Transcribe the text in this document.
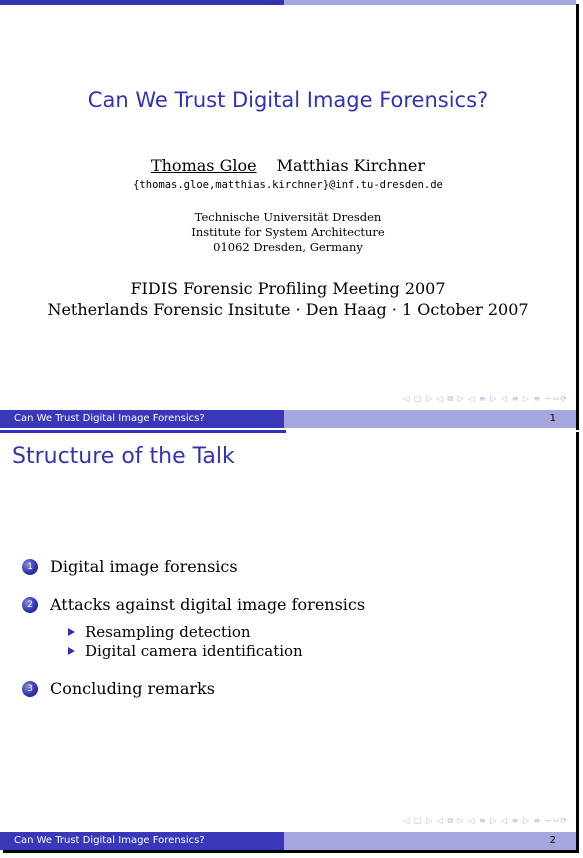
Can We Trust Digital Image Forensics?
Thomas Gloe Matthias Kirchner
{thomas.gloe,matthias.kirchner}@inf.tu-dresden.de
Technische Universität Dresden
Institute for System Architecture
01062 Dresden, Germany
FIDIS Forensic Profiling Meeting 2007
Netherlands Forensic Insitute · Den Haag · 1 October 2007
◁ ▢ ▷ ◁ ⧉ ▷ ◁ ≡ ▷ ◁ ≡ ▷ ≡ ∽∾⟳
Can We Trust Digital Image Forensics?	1
Structure of the Talk
1	Digital image forensics
2	Attacks against digital image forensics
Resampling detection
Digital camera identification
3	Concluding remarks
◁ ▢ ▷ ◁ ⧉ ▷ ◁ ≡ ▷ ◁ ≡ ▷ ≡ ∽∾⟳
Can We Trust Digital Image Forensics?	2
